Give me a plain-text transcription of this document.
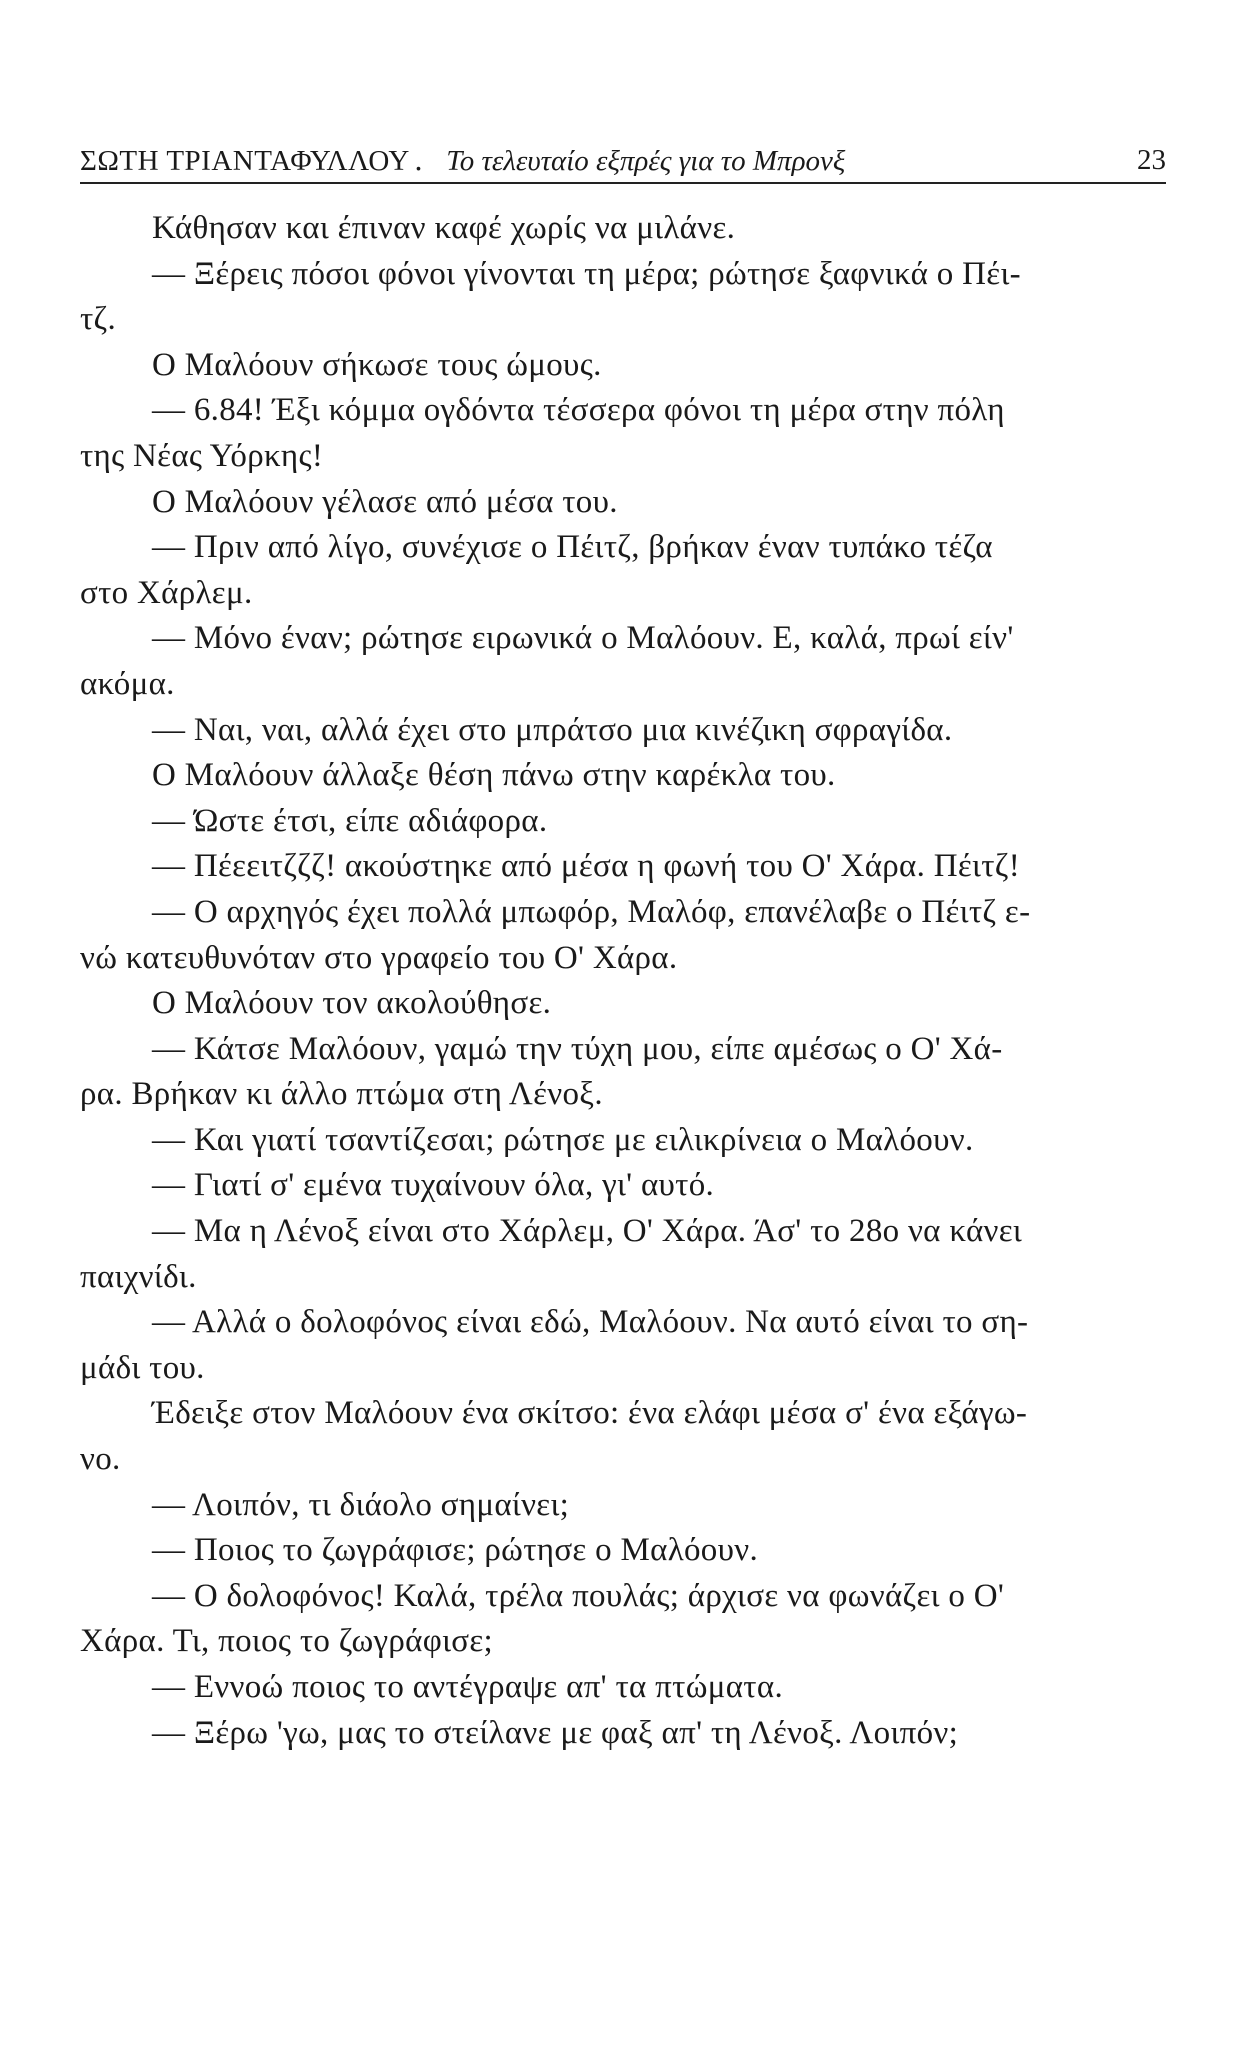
ΣΩΤΗ ΤΡΙΑΝΤΑΦΥΛΛΟΥ . Το τελευταίο εξπρές για το Μπρονξ	23
Κάθησαν και έπιναν καφέ χωρίς να μιλάνε.
— Ξέρεις πόσοι φόνοι γίνονται τη μέρα; ρώτησε ξαφνικά ο Πέι-
τζ.
Ο Μαλόουν σήκωσε τους ώμους.
— 6.84! Έξι κόμμα ογδόντα τέσσερα φόνοι τη μέρα στην πόλη
της Νέας Υόρκης!
Ο Μαλόουν γέλασε από μέσα του.
— Πριν από λίγο, συνέχισε ο Πέιτζ, βρήκαν έναν τυπάκο τέζα
στο Χάρλεμ.
— Μόνο έναν; ρώτησε ειρωνικά ο Μαλόουν. Ε, καλά, πρωί είν'
ακόμα.
— Ναι, ναι, αλλά έχει στο μπράτσο μια κινέζικη σφραγίδα.
Ο Μαλόουν άλλαξε θέση πάνω στην καρέκλα του.
— Ώστε έτσι, είπε αδιάφορα.
— Πέεειτζζζ! ακούστηκε από μέσα η φωνή του Ο' Χάρα. Πέιτζ!
— Ο αρχηγός έχει πολλά μπωφόρ, Μαλόφ, επανέλαβε ο Πέιτζ ε-
νώ κατευθυνόταν στο γραφείο του Ο' Χάρα.
Ο Μαλόουν τον ακολούθησε.
— Κάτσε Μαλόουν, γαμώ την τύχη μου, είπε αμέσως ο Ο' Χά-
ρα. Βρήκαν κι άλλο πτώμα στη Λένοξ.
— Και γιατί τσαντίζεσαι; ρώτησε με ειλικρίνεια ο Μαλόουν.
— Γιατί σ' εμένα τυχαίνουν όλα, γι' αυτό.
— Μα η Λένοξ είναι στο Χάρλεμ, Ο' Χάρα. Άσ' το 28ο να κάνει
παιχνίδι.
— Αλλά ο δολοφόνος είναι εδώ, Μαλόουν. Να αυτό είναι το ση-
μάδι του.
Έδειξε στον Μαλόουν ένα σκίτσο: ένα ελάφι μέσα σ' ένα εξάγω-
νο.
— Λοιπόν, τι διάολο σημαίνει;
— Ποιος το ζωγράφισε; ρώτησε ο Μαλόουν.
— Ο δολοφόνος! Καλά, τρέλα πουλάς; άρχισε να φωνάζει ο Ο'
Χάρα. Τι, ποιος το ζωγράφισε;
— Εννοώ ποιος το αντέγραψε απ' τα πτώματα.
— Ξέρω 'γω, μας το στείλανε με φαξ απ' τη Λένοξ. Λοιπόν;
